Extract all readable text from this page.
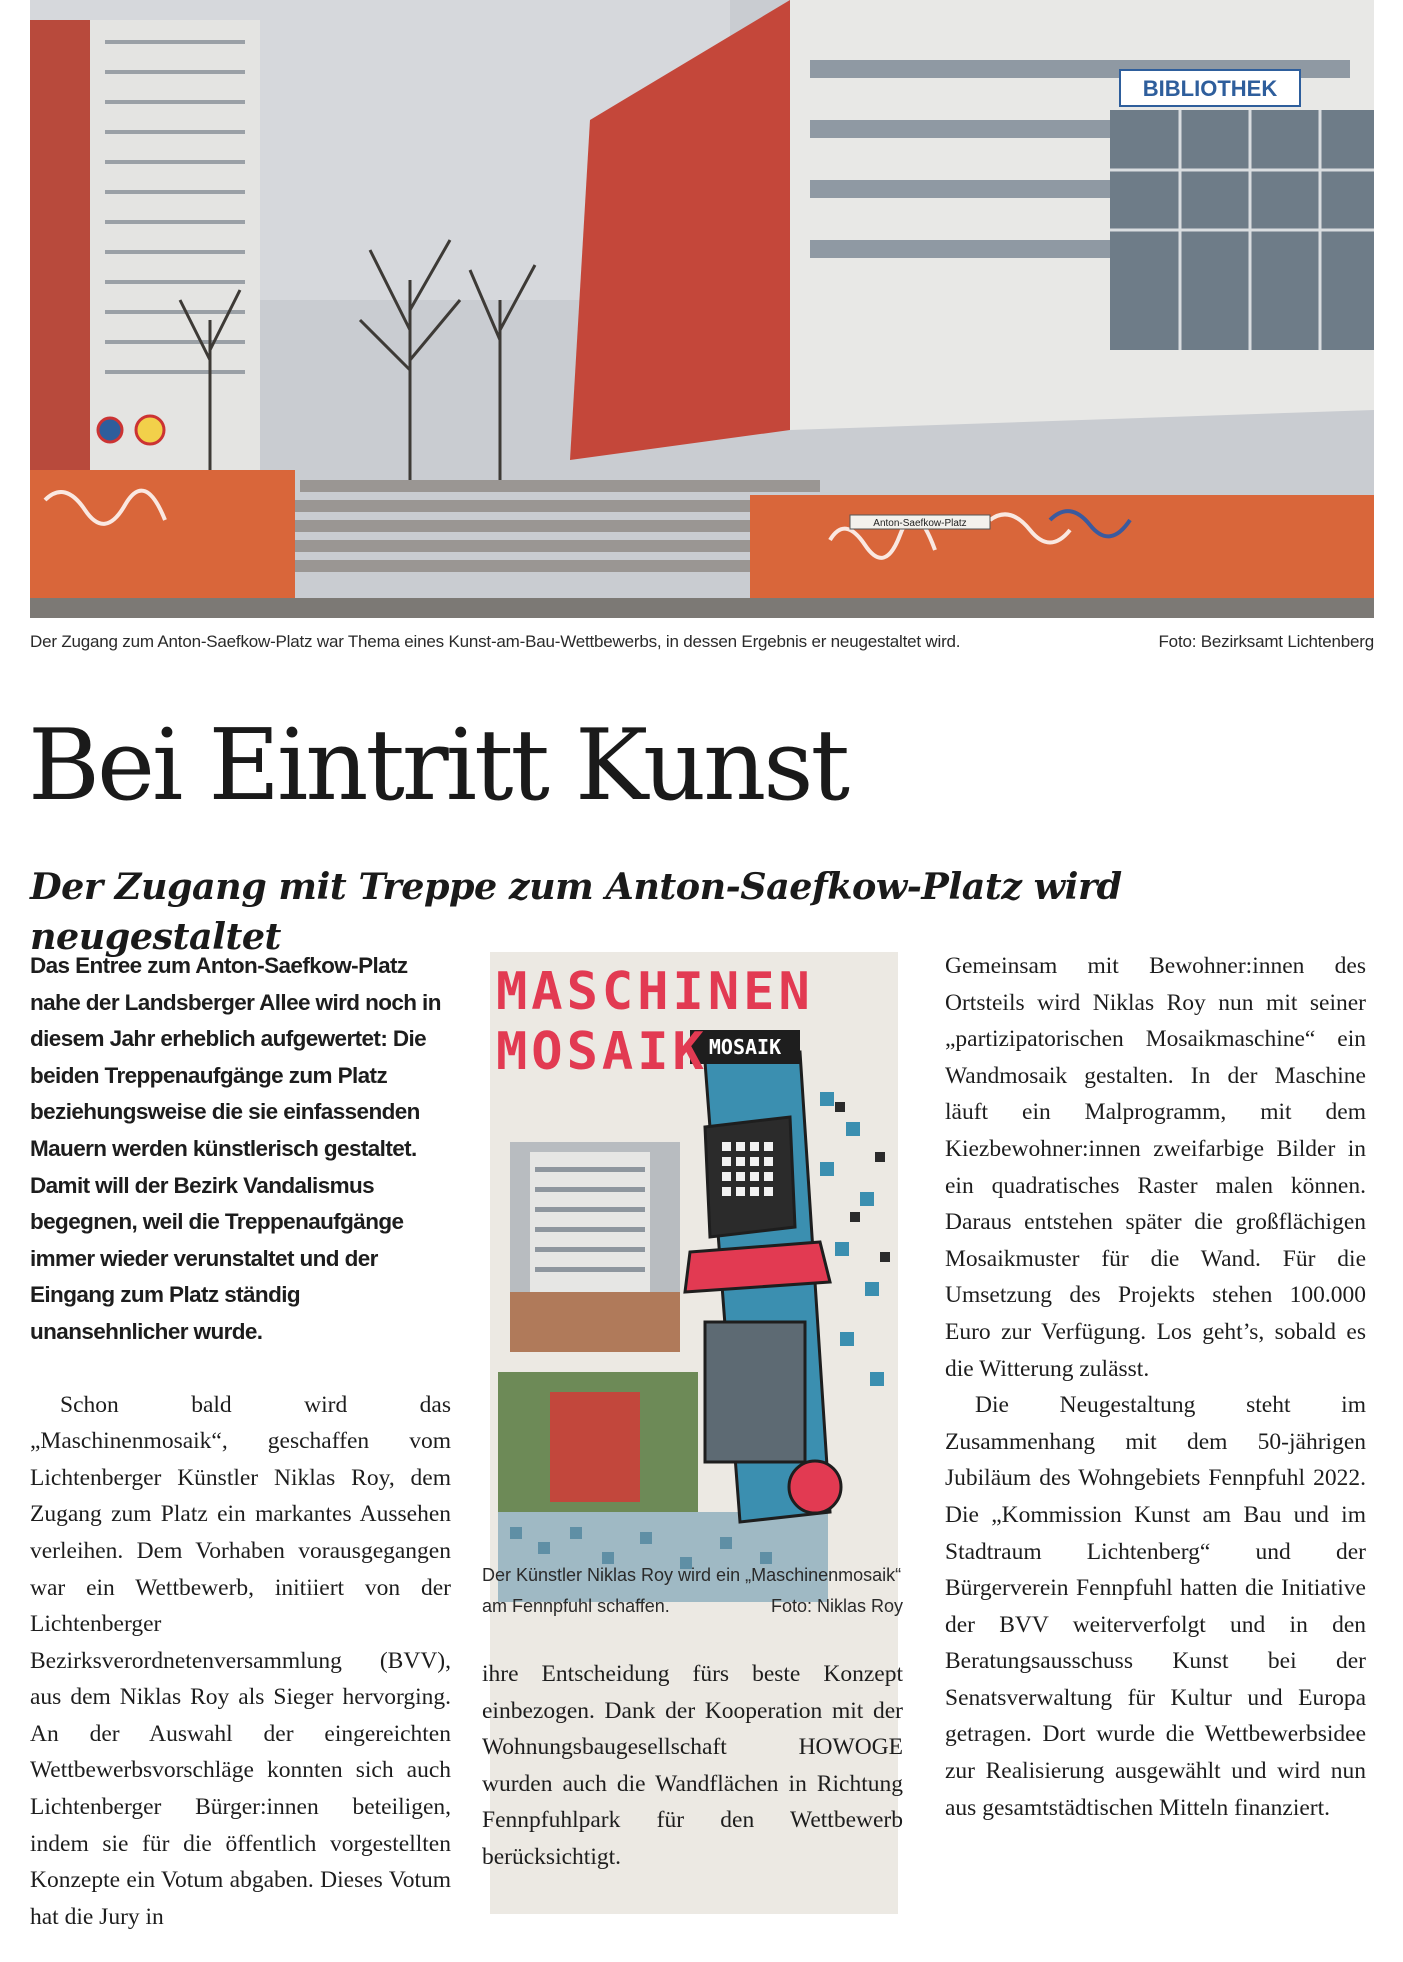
BIBLIOTHEK
Anton-Saefkow-Platz
Der Zugang zum Anton-Saefkow-Platz war Thema eines Kunst-am-Bau-Wettbewerbs, in dessen Ergebnis er neugestaltet wird.	Foto: Bezirksamt Lichtenberg
Bei Eintritt Kunst
Der Zugang mit Treppe zum Anton-Saefkow-Platz wird neugestaltet

Das Entree zum Anton-Saefkow-Platz nahe der Landsberger Allee wird noch in diesem Jahr erheblich aufgewertet: Die beiden Treppenaufgänge zum Platz beziehungsweise die sie einfassenden Mauern werden künstlerisch gestaltet. Damit will der Bezirk Vandalismus begegnen, weil die Treppenaufgänge immer wieder verunstaltet und der Eingang zum Platz ständig unansehnlicher wurde.

Schon bald wird das „Maschinenmosaik“, geschaffen vom Lichtenberger Künstler Niklas Roy, dem Zugang zum Platz ein markantes Aussehen verleihen. Dem Vorhaben vorausgegangen war ein Wettbewerb, initiiert von der Lichtenberger Bezirksverordnetenversammlung (BVV), aus dem Niklas Roy als Sieger hervorging. An der Auswahl der eingereichten Wettbewerbsvorschläge konnten sich auch Lichtenberger Bürger:innen beteiligen, indem sie für die öffentlich vorgestellten Konzepte ein Votum abgaben. Dieses Votum hat die Jury in

MOSAIK
MASCHINEN
MOSAIK
Der Künstler Niklas Roy wird ein „Maschinenmosaik“ am Fennpfuhl schaffen.	Foto: Niklas Roy

ihre Entscheidung fürs beste Konzept einbezogen. Dank der Kooperation mit der Wohnungsbaugesellschaft HOWOGE wurden auch die Wandflächen in Richtung Fennpfuhlpark für den Wettbewerb berücksichtigt.

Gemeinsam mit Bewohner:innen des Ortsteils wird Niklas Roy nun mit seiner „partizipatorischen Mosaikmaschine“ ein Wandmosaik gestalten. In der Maschine läuft ein Malprogramm, mit dem Kiezbewohner:innen zweifarbige Bilder in ein quadratisches Raster malen können. Daraus entstehen später die großflächigen Mosaikmuster für die Wand. Für die Umsetzung des Projekts stehen 100.000 Euro zur Verfügung. Los geht’s, sobald es die Witterung zulässt.

Die Neugestaltung steht im Zusammenhang mit dem 50-jährigen Jubiläum des Wohngebiets Fennpfuhl 2022. Die „Kommission Kunst am Bau und im Stadtraum Lichtenberg“ und der Bürgerverein Fennpfuhl hatten die Initiative der BVV weiterverfolgt und in den Beratungsausschuss Kunst bei der Senatsverwaltung für Kultur und Europa getragen. Dort wurde die Wettbewerbsidee zur Realisierung ausgewählt und wird nun aus gesamtstädtischen Mitteln finanziert.
